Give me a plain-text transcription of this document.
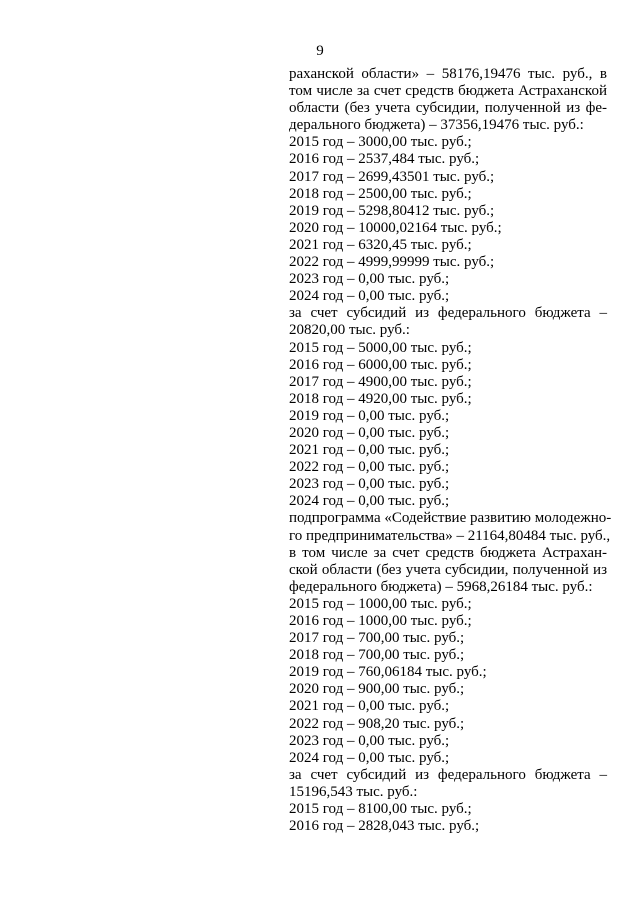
9
раханской области» – 58176,19476 тыс. руб., в
том числе за счет средств бюджета Астраханской
области (без учета субсидии, полученной из фе-
дерального бюджета) – 37356,19476 тыс. руб.:
2015 год – 3000,00 тыс. руб.;
2016 год – 2537,484 тыс. руб.;
2017 год – 2699,43501 тыс. руб.;
2018 год – 2500,00 тыс. руб.;
2019 год – 5298,80412 тыс. руб.;
2020 год – 10000,02164 тыс. руб.;
2021 год – 6320,45 тыс. руб.;
2022 год – 4999,99999 тыс. руб.;
2023 год – 0,00 тыс. руб.;
2024 год – 0,00 тыс. руб.;
за счет субсидий из федерального бюджета –
20820,00 тыс. руб.:
2015 год – 5000,00 тыс. руб.;
2016 год – 6000,00 тыс. руб.;
2017 год – 4900,00 тыс. руб.;
2018 год – 4920,00 тыс. руб.;
2019 год – 0,00 тыс. руб.;
2020 год – 0,00 тыс. руб.;
2021 год – 0,00 тыс. руб.;
2022 год – 0,00 тыс. руб.;
2023 год – 0,00 тыс. руб.;
2024 год – 0,00 тыс. руб.;
подпрограмма «Содействие развитию молодежно-
го предпринимательства» – 21164,80484 тыс. руб.,
в том числе за счет средств бюджета Астрахан-
ской области (без учета субсидии, полученной из
федерального бюджета) – 5968,26184 тыс. руб.:
2015 год – 1000,00 тыс. руб.;
2016 год – 1000,00 тыс. руб.;
2017 год – 700,00 тыс. руб.;
2018 год – 700,00 тыс. руб.;
2019 год – 760,06184 тыс. руб.;
2020 год – 900,00 тыс. руб.;
2021 год – 0,00 тыс. руб.;
2022 год – 908,20 тыс. руб.;
2023 год – 0,00 тыс. руб.;
2024 год – 0,00 тыс. руб.;
за счет субсидий из федерального бюджета –
15196,543 тыс. руб.:
2015 год – 8100,00 тыс. руб.;
2016 год – 2828,043 тыс. руб.;
